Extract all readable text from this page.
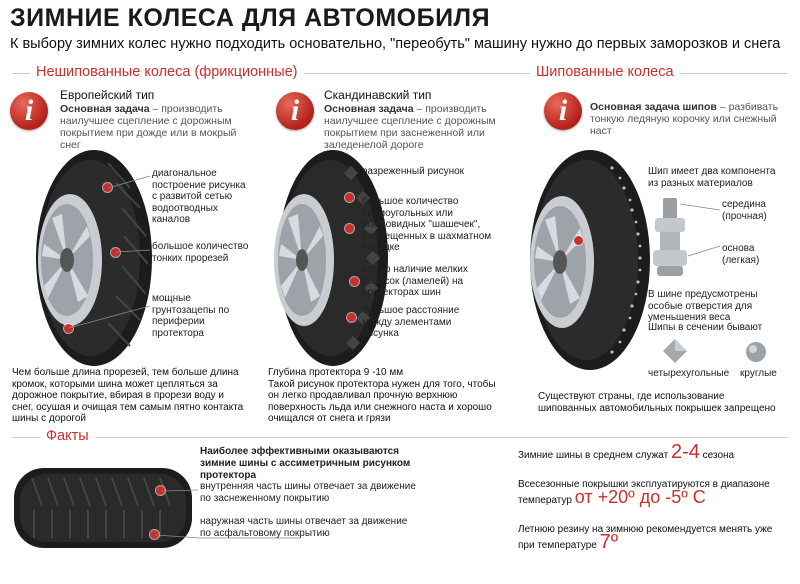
ЗИМНИЕ КОЛЕСА ДЛЯ АВТОМОБИЛЯ
К выбору зимних колес нужно подходить основательно, "переобуть" машину нужно до первых заморозков и снега
Нешипованные колеса (фрикционные)	Шипованные колеса
i	Европейский тип
Основная задача – производить наилучшее сцепление с дорожным покрытием при дожде или в мокрый снег
диагональное построение рисунка с развитой сетью водоотводных каналов
большое количество тонких прорезей
мощные грунтозацепы по периферии протектора
Чем больше длина прорезей, тем больше длина кромок, которыми шина может цепляться за дорожное покрытие, вбирая в прорези воду и снег, осушая и очищая тем самым пятно контакта шины с дорогой
i	Скандинавский тип
Основная задача – производить наилучшее сцепление с дорожным покрытием при заснеженной или заледенелой дороге
разреженный рисунок
большое количество прямоугольных или ромбовидных "шашечек", размещенных в шахматном порядке
важно наличие мелких полосок (ламелей) на протекторах шин
большое расстояние между элементами рисунка
Глубина протектора 9 -10 мм
Такой рисунок протектора нужен для того, чтобы он легко продавливал прочную верхнюю поверхность льда или снежного наста и хорошо очищался от снега и грязи
i	Основная задача шипов – разбивать тонкую ледяную корочку или снежный наст
Шип имеет два компонента из разных материалов
середина
(прочная)
основа
(легкая)
В шине предусмотрены особые отверстия для уменьшения веса
Шипы в сечении бывают
четырехугольные круглые
Существуют страны, где использование шипованных автомобильных покрышек запрещено
Факты
Наиболее эффективными оказываются зимние шины с ассиметричным рисунком протектора
внутренняя часть шины отвечает за движение по заснеженному покрытию
наружная часть шины отвечает за движение по асфальтовому покрытию
Зимние шины в среднем служат 2-4 сезона
Всесезонные покрышки эксплуатируются в диапазоне температур от +20º до -5º С
Летнюю резину на зимнюю рекомендуется менять уже при температуре 7º
